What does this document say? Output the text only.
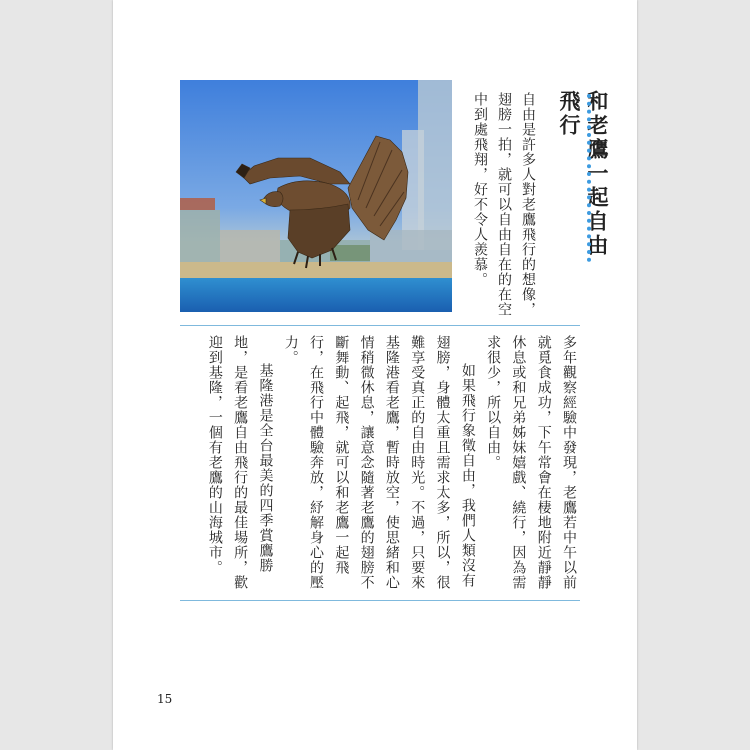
和老鷹一起自由飛行
自由是許多人對老鷹飛行的想像，翅膀一拍，就可以自由自在的在空中到處飛翔，好不令人羨慕。

多年觀察經驗中發現，老鷹若中午以前就覓食成功，下午常會在棲地附近靜靜休息或和兄弟姊妹嬉戲、繞行，因為需求很少，所以自由。

如果飛行象徵自由，我們人類沒有翅膀，身體太重且需求太多，所以，很難享受真正的自由時光。不過，只要來基隆港看老鷹，暫時放空，使思緒和心情稍微休息，讓意念隨著老鷹的翅膀不斷舞動、起飛，就可以和老鷹一起飛行，在飛行中體驗奔放，紓解身心的壓力。

基隆港是全台最美的四季賞鷹勝地，是看老鷹自由飛行的最佳場所，歡迎到基隆，一個有老鷹的山海城市。

15
